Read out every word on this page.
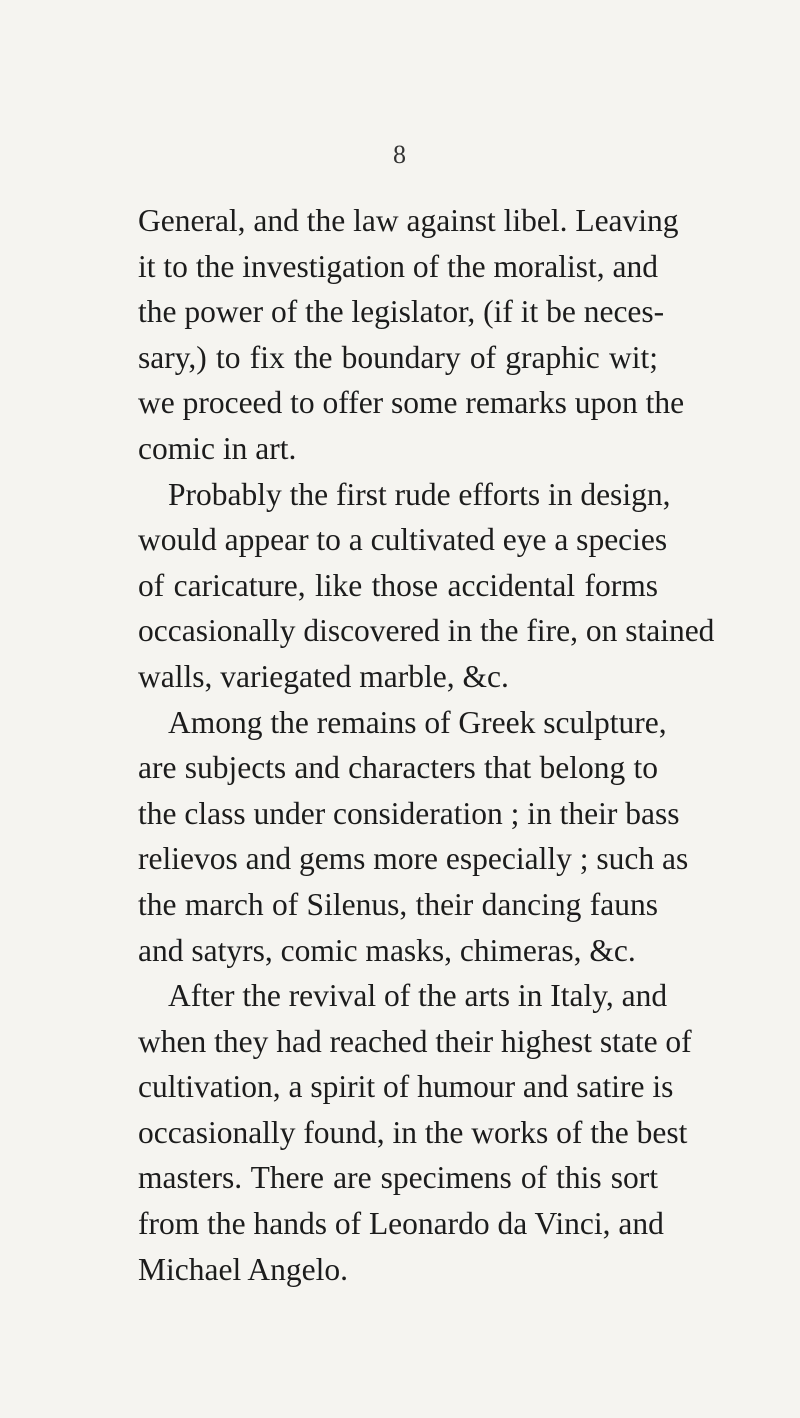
8
General, and the law against libel. Leaving
it to the investigation of the moralist, and
the power of the legislator, (if it be neces-
sary,) to fix the boundary of graphic wit;
we proceed to offer some remarks upon the
comic in art.
Probably the first rude efforts in design,
would appear to a cultivated eye a species
of caricature, like those accidental forms
occasionally discovered in the fire, on stained
walls, variegated marble, &c.
Among the remains of Greek sculpture,
are subjects and characters that belong to
the class under consideration ; in their bass
relievos and gems more especially ; such as
the march of Silenus, their dancing fauns
and satyrs, comic masks, chimeras, &c.
After the revival of the arts in Italy, and
when they had reached their highest state of
cultivation, a spirit of humour and satire is
occasionally found, in the works of the best
masters. There are specimens of this sort
from the hands of Leonardo da Vinci, and
Michael Angelo.
